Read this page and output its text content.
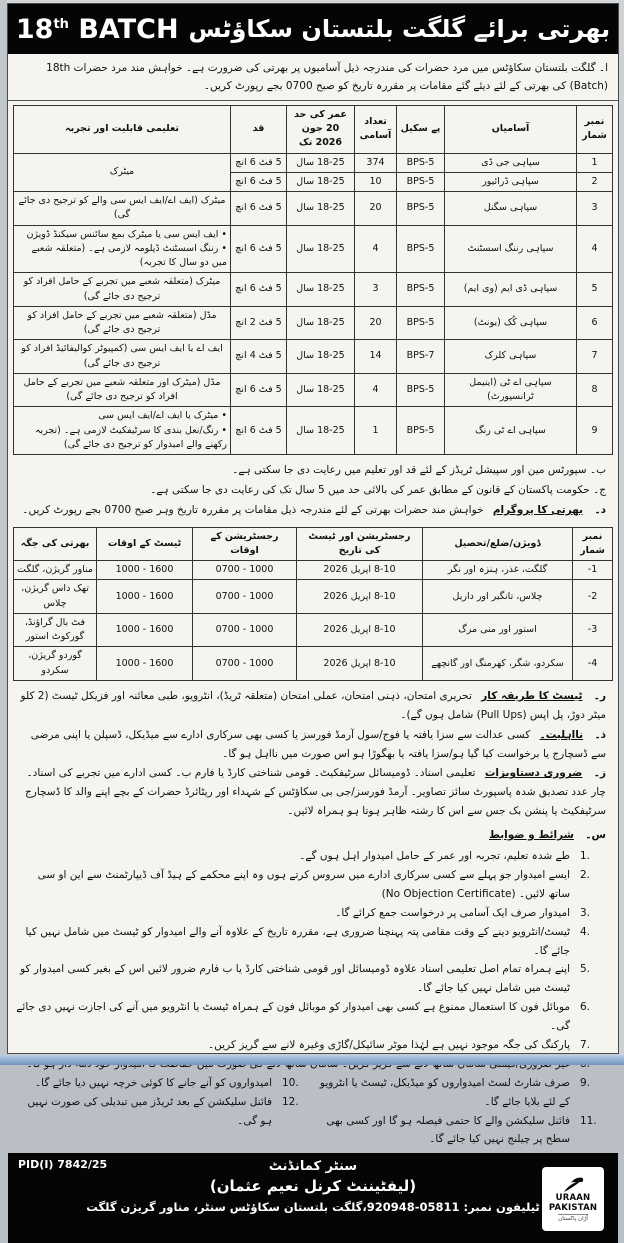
بھرتی برائے گلگت بلتستان سکاؤٹس
18th BATCH
ا۔ گلگت بلتستان سکاؤٹس میں مرد حضرات کی مندرجہ ذیل آسامیوں پر بھرتی کی ضرورت ہے۔ خواہش مند مرد حضرات 18th (Batch) کی بھرتی کے لئے دیئے گئے مقامات پر مقررہ تاریخ کو صبح 0700 بجے رپورٹ کریں۔
نمبر شمار	آسامیاں	پے سکیل	تعداد آسامی	عمر کی حد 20 جون 2026 تک	قد	تعلیمی قابلیت اور تجربہ
1	سپاہی جی ڈی	BPS-5	374	18-25 سال	5 فٹ 6 انچ	میٹرک
2	سپاہی ڈرائیور	BPS-5	10	18-25 سال	5 فٹ 6 انچ	
3	سپاہی سگنل	BPS-5	20	18-25 سال	5 فٹ 6 انچ	میٹرک (ایف اے/ایف ایس سی والے کو ترجیح دی جائے گی)
4	سپاہی رننگ اسسٹنٹ	BPS-5	4	18-25 سال	5 فٹ 6 انچ	• ایف ایس سی یا میٹرک بمع سائنس سیکنڈ ڈویژن
• رننگ اسسٹنٹ ڈپلومہ لازمی ہے۔ (متعلقہ شعبے میں دو سال کا تجربہ)

5	سپاہی ڈی ایم (وی ایم)	BPS-5	3	18-25 سال	5 فٹ 6 انچ	میٹرک (متعلقہ شعبے میں تجربے کے حامل افراد کو ترجیح دی جائے گی)
6	سپاہی کُک (یونٹ)	BPS-5	20	18-25 سال	5 فٹ 2 انچ	مڈل (متعلقہ شعبے میں تجربے کے حامل افراد کو ترجیح دی جائے گی)
7	سپاہی کلرک	BPS-7	14	18-25 سال	5 فٹ 4 انچ	ایف اے یا ایف ایس سی (کمپیوٹر کوالیفائیڈ افراد کو ترجیح دی جائے گی)
8	سپاہی اے ٹی (اینیمل ٹرانسپورٹ)	BPS-5	4	18-25 سال	5 فٹ 6 انچ	مڈل (میٹرک اور متعلقہ شعبے میں تجربے کے حامل افراد کو ترجیح دی جائے گی)
9	سپاہی اے ٹی رنگ	BPS-5	1	18-25 سال	5 فٹ 6 انچ	• میٹرک یا ایف اے/ایف ایس سی
• رنگ/نعل بندی کا سرٹیفکیٹ لازمی ہے۔ (تجربہ رکھنے والے امیدوار کو ترجیح دی جائے گی)
ب۔ سپورٹس مین اور سپیشل ٹریڈز کے لئے قد اور تعلیم میں رعایت دی جا سکتی ہے۔
ج۔ حکومت پاکستان کے قانون کے مطابق عمر کی بالائی حد میں 5 سال تک کی رعایت دی جا سکتی ہے۔
د۔ بھرتی کا پروگرام خواہش مند حضرات بھرتی کے لئے مندرجہ ذیل مقامات پر مقررہ تاریخ وہر صبح 0700 بجے رپورٹ کریں۔
نمبر شمار	ڈویژن/ضلع/تحصیل	رجسٹریشن اور ٹیسٹ کی تاریخ	رجسٹریشن کے اوقات	ٹیسٹ کے اوقات	بھرتی کی جگہ
1-	گلگت، غذر، ہنزہ اور نگر	8-10 اپریل 2026	0700 - 1000	1000 - 1600	مناور گریژن، گلگت
2-	چلاس، تانگیر اور داریل	8-10 اپریل 2026	0700 - 1000	1000 - 1600	تھک داس گریژن، چلاس
3-	استور اور منی مرگ	8-10 اپریل 2026	0700 - 1000	1000 - 1600	فٹ بال گراؤنڈ، گورکوٹ استور
4-	سکردو، شگر، کھرمنگ اور گانچھے	8-10 اپریل 2026	0700 - 1000	1000 - 1600	گوردو گریژن، سکردو
ر۔ ٹیسٹ کا طریقہ کار تحریری امتحان، ذہنی امتحان، عملی امتحان (متعلقہ ٹریڈ)، انٹرویو، طبی معائنہ اور فزیکل ٹیسٹ (2 کلو میٹر دوڑ، پل اپس (Pull Ups) شامل ہوں گے)۔
ذ۔ نااہلیت۔ کسی عدالت سے سزا یافتہ یا فوج/سول آرمڈ فورسز یا کسی بھی سرکاری ادارے سے میڈیکل، ڈسپلن یا اپنی مرضی سے ڈسچارج یا برخواست کیا گیا ہو/سزا یافتہ یا بھگوڑا ہو اس صورت میں نااہل ہو گا۔
ز۔ ضروری دستاویزات تعلیمی اسناد۔ ڈومیسائل سرٹیفکیٹ۔ قومی شناختی کارڈ یا فارم ب۔ کسی ادارے میں تجربے کی اسناد۔ چار عدد تصدیق شدہ پاسپورٹ سائز تصاویر۔ آرمڈ فورسز/جی بی سکاؤٹس کے شہداء اور ریٹائرڈ حضرات کے بچے اپنے والد کا ڈسچارج سرٹیفکیٹ یا پنشن بک جس سے اس کا رشتہ ظاہر ہوتا ہو ہمراہ لائیں۔
س۔ شرائط و ضوابط
1.
طے شدہ تعلیم، تجربہ اور عمر کے حامل امیدوار اہل ہوں گے۔
2.
ایسے امیدوار جو پہلے سے کسی سرکاری ادارے میں سروس کرتے ہوں وہ اپنے محکمے کے ہیڈ آف ڈیپارٹمنٹ سے این او سی ساتھ لائیں۔ (No Objection Certificate)
3.
امیدوار صرف ایک آسامی پر درخواست جمع کرائے گا۔
4.
ٹیسٹ/انٹرویو دینے کے وقت مقامی پتہ پہنچنا ضروری ہے، مقررہ تاریخ کے علاوہ آنے والے امیدوار کو ٹیسٹ میں شامل نہیں کیا جائے گا۔
5.
اپنے ہمراہ تمام اصل تعلیمی اسناد علاوہ ڈومیسائل اور قومی شناختی کارڈ یا ب فارم ضرور لائیں اس کے بغیر کسی امیدوار کو ٹیسٹ میں شامل نہیں کیا جائے گا۔
6.
موبائل فون کا استعمال ممنوع ہے کسی بھی امیدوار کو موبائل فون کے ہمراہ ٹیسٹ یا انٹرویو میں آنے کی اجازت نہیں دی جائے گی۔
7.
پارکنگ کی جگہ موجود نہیں ہے لہٰذا موٹر سائیکل/گاڑی وغیرہ لانے سے گریز کریں۔
9.
صرف شارٹ لسٹ امیدواروں کو میڈیکل، ٹیسٹ یا انٹرویو کے لئے بلایا جائے گا۔
11.
فائنل سلیکشن والے کا حتمی فیصلہ ہو گا اور کسی بھی سطح پر چیلنج نہیں کیا جائے گا۔
10.
امیدواروں کو آنے جانے کا کوئی خرچہ نہیں دیا جائے گا۔
12.
فائنل سلیکشن کے بعد ٹریڈز میں تبدیلی کی صورت نہیں ہو گی۔
PID(I) 7842/25
URAAN
PAKISTAN
اُڑان پاکستان
سنٹر کمانڈنٹ
(لیفٹیننٹ کرنل نعیم عثمان)
ٹیلیفون نمبر: 05811-920948،گلگت بلتستان سکاؤٹس سنٹر، مناور گریژن گلگت
